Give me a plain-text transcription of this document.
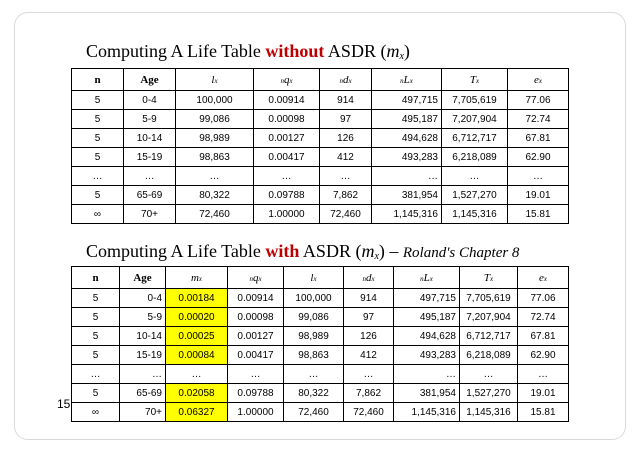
Computing A Life Table without ASDR $(m_x)$
n	Age	lx	nqx	ndx	nLx	Tx	ex
5	0-4	100,000	0.00914	914	497,715	7,705,619	77.06
5	5-9	99,086	0.00098	97	495,187	7,207,904	72.74
5	10-14	98,989	0.00127	126	494,628	6,712,717	67.81
5	15-19	98,863	0.00417	412	493,283	6,218,089	62.90
…	…	…	…	…	…	…	…
5	65-69	80,322	0.09788	7,862	381,954	1,527,270	19.01
∞	70+	72,460	1.00000	72,460	1,145,316	1,145,316	15.81
Computing A Life Table with ASDR $(m_x)$ – Roland's Chapter 8
n	Age	mx	nqx	lx	ndx	nLx	Tx	ex
5	0-4	0.00184	0.00914	100,000	914	497,715	7,705,619	77.06
5	5-9	0.00020	0.00098	99,086	97	495,187	7,207,904	72.74
5	10-14	0.00025	0.00127	98,989	126	494,628	6,712,717	67.81
5	15-19	0.00084	0.00417	98,863	412	493,283	6,218,089	62.90
…	…	…	…	…	…	…	…	…
5	65-69	0.02058	0.09788	80,322	7,862	381,954	1,527,270	19.01
∞	70+	0.06327	1.00000	72,460	72,460	1,145,316	1,145,316	15.81
15
